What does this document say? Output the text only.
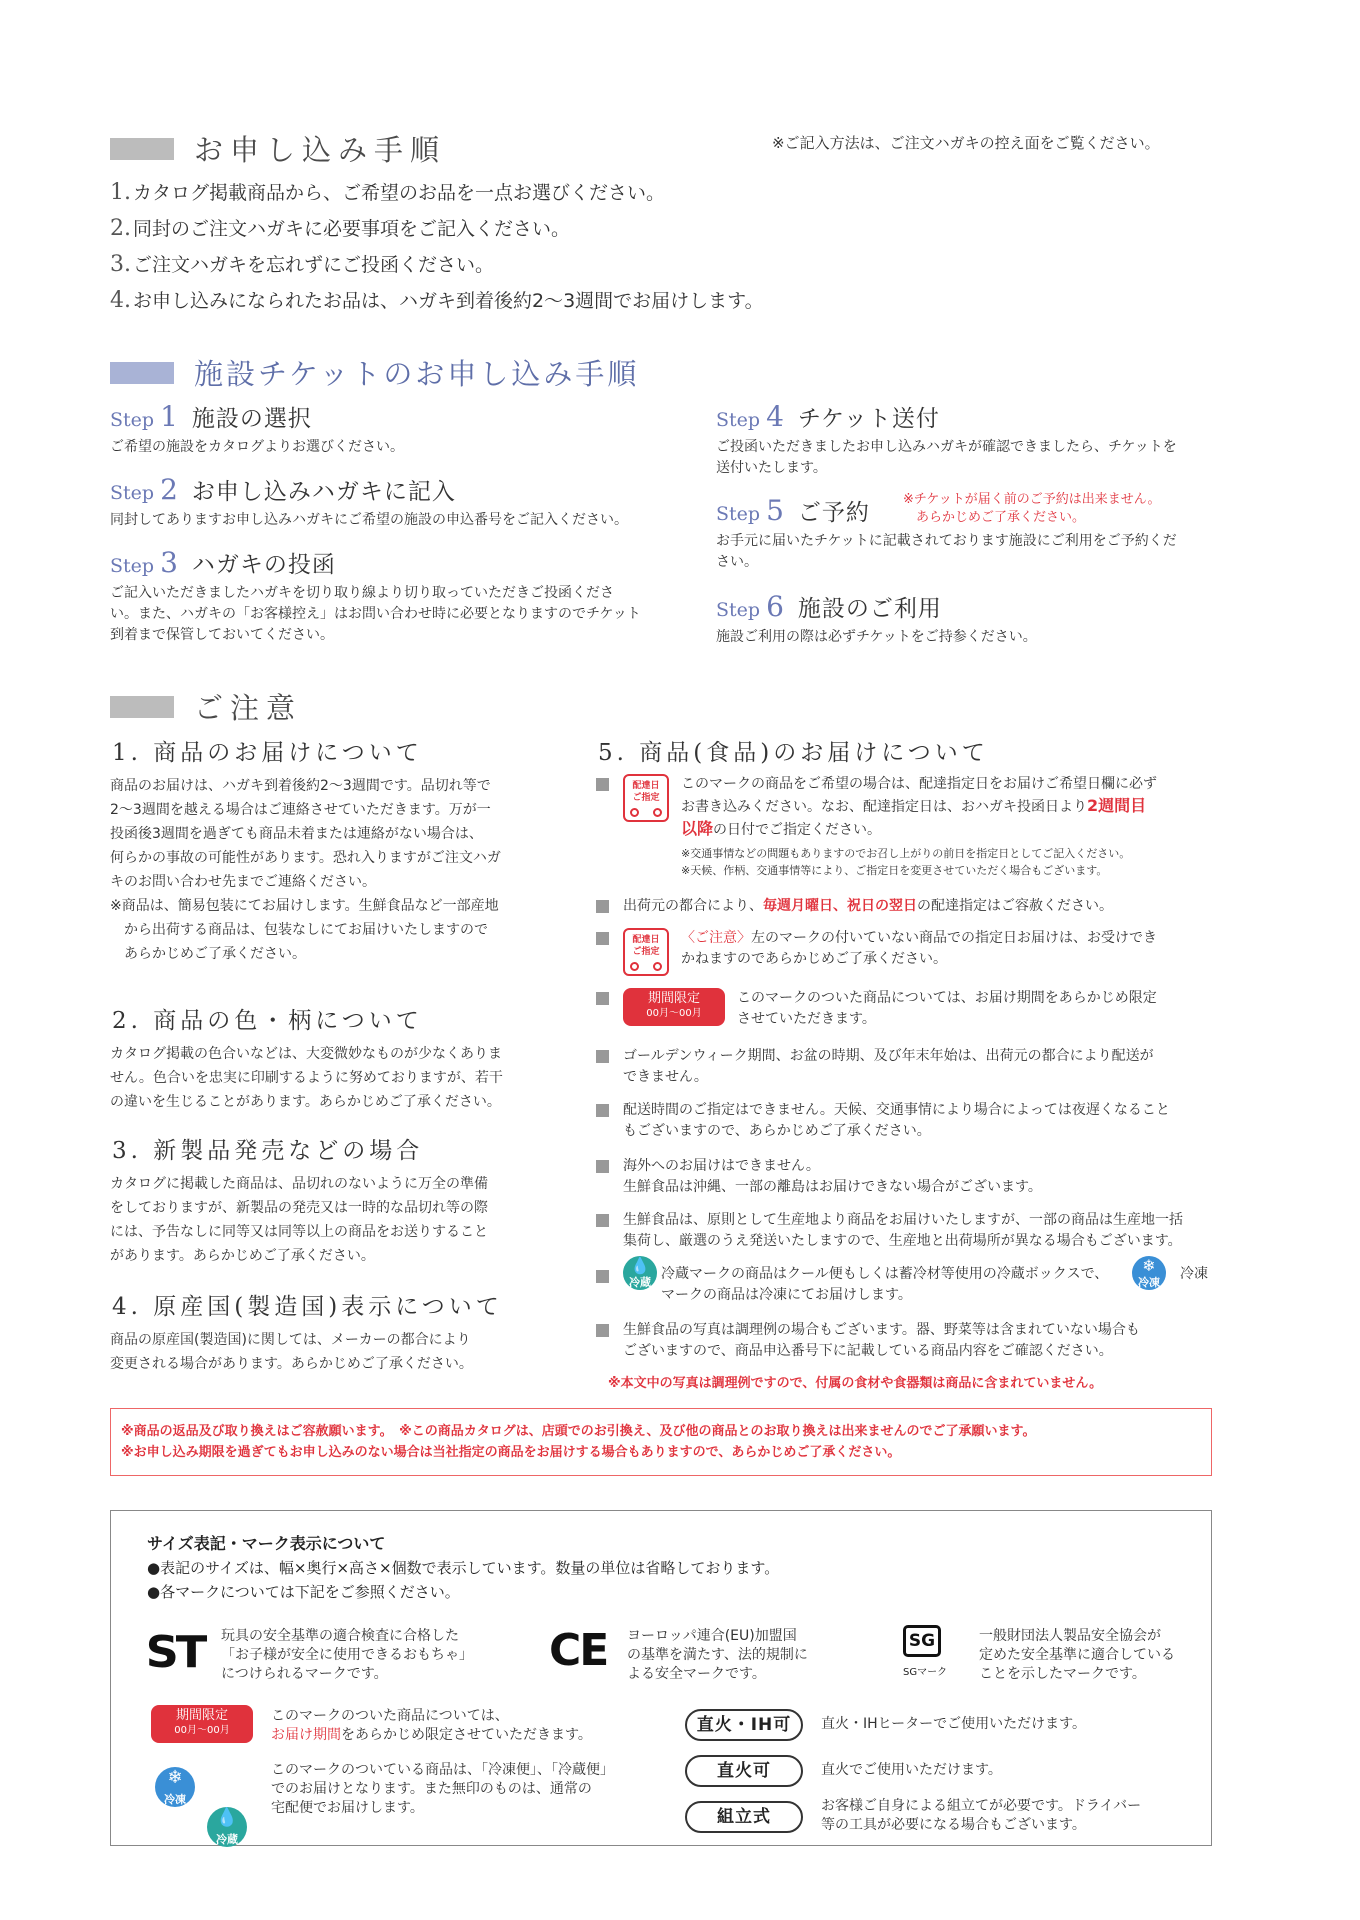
お申し込み手順	※ご記入方法は、ご注文ハガキの控え面をご覧ください。
1. カタログ掲載商品から、ご希望のお品を一点お選びください。
2. 同封のご注文ハガキに必要事項をご記入ください。
3. ご注文ハガキを忘れずにご投函ください。
4. お申し込みになられたお品は、ハガキ到着後約2〜3週間でお届けします。
施設チケットのお申し込み手順
Step 1 施設の選択
ご希望の施設をカタログよりお選びください。
Step 2 お申し込みハガキに記入
同封してありますお申し込みハガキにご希望の施設の申込番号をご記入ください。
Step 3 ハガキの投函
ご記入いただきましたハガキを切り取り線より切り取っていただきご投函くださ
い。また、ハガキの「お客様控え」はお問い合わせ時に必要となりますのでチケット
到着まで保管しておいてください。
Step 4 チケット送付
ご投函いただきましたお申し込みハガキが確認できましたら、チケットを
送付いたします。
Step 5 ご予約
お手元に届いたチケットに記載されております施設にご利用をご予約くだ
さい。
※チケットが届く前のご予約は出来ません。
　あらかじめご了承ください。
Step 6 施設のご利用
施設ご利用の際は必ずチケットをご持参ください。
ご注意
1. 商品のお届けについて
商品のお届けは、ハガキ到着後約2〜3週間です。品切れ等で
2〜3週間を越える場合はご連絡させていただきます。万が一
投函後3週間を過ぎても商品未着または連絡がない場合は、
何らかの事故の可能性があります。恐れ入りますがご注文ハガ
キのお問い合わせ先までご連絡ください。
※商品は、簡易包装にてお届けします。生鮮食品など一部産地
　から出荷する商品は、包装なしにてお届けいたしますので
　あらかじめご了承ください。
2. 商品の色・柄について
カタログ掲載の色合いなどは、大変微妙なものが少なくありま
せん。色合いを忠実に印刷するように努めておりますが、若干
の違いを生じることがあります。あらかじめご了承ください。
3. 新製品発売などの場合
カタログに掲載した商品は、品切れのないように万全の準備
をしておりますが、新製品の発売又は一時的な品切れ等の際
には、予告なしに同等又は同等以上の商品をお送りすること
があります。あらかじめご了承ください。
4. 原産国(製造国)表示について
商品の原産国(製造国)に関しては、メーカーの都合により
変更される場合があります。あらかじめご了承ください。
5. 商品(食品)のお届けについて
配達日
ご指定
このマークの商品をご希望の場合は、配達指定日をお届けご希望日欄に必ず
お書き込みください。なお、配達指定日は、おハガキ投函日より2週間目
以降の日付でご指定ください。
※交通事情などの問題もありますのでお召し上がりの前日を指定日としてご記入ください。
※天候、作柄、交通事情等により、ご指定日を変更させていただく場合もございます。
出荷元の都合により、毎週月曜日、祝日の翌日の配達指定はご容赦ください。
配達日
ご指定
〈ご注意〉左のマークの付いていない商品での指定日お届けは、お受けでき
かねますのであらかじめご了承ください。
期間限定
00月〜00月
このマークのついた商品については、お届け期間をあらかじめ限定
させていただきます。
ゴールデンウィーク期間、お盆の時期、及び年末年始は、出荷元の都合により配送が
できません。
配送時間のご指定はできません。天候、交通事情により場合によっては夜遅くなること
もございますので、あらかじめご了承ください。
海外へのお届けはできません。
生鮮食品は沖縄、一部の離島はお届けできない場合がございます。
生鮮食品は、原則として生産地より商品をお届けいたしますが、一部の商品は生産地一括
集荷し、厳選のうえ発送いたしますので、生産地と出荷場所が異なる場合もございます。
💧
冷蔵
冷蔵マークの商品はクール便もしくは蓄冷材等使用の冷蔵ボックスで、
マークの商品は冷凍にてお届けします。
❄
冷凍
冷凍
生鮮食品の写真は調理例の場合もございます。器、野菜等は含まれていない場合も
ございますので、商品申込番号下に記載している商品内容をご確認ください。
※本文中の写真は調理例ですので、付属の食材や食器類は商品に含まれていません。
※商品の返品及び取り換えはご容赦願います。　※この商品カタログは、店頭でのお引換え、及び他の商品とのお取り換えは出来ませんのでご了承願います。
※お申し込み期限を過ぎてもお申し込みのない場合は当社指定の商品をお届けする場合もありますので、あらかじめご了承ください。
サイズ表記・マーク表示について
●表記のサイズは、幅×奥行×高さ×個数で表示しています。数量の単位は省略しております。
●各マークについては下記をご参照ください。
ST 玩具の安全基準の適合検査に合格した
「お子様が安全に使用できるおもちゃ」
につけられるマークです。	CE ヨーロッパ連合(EU)加盟国
の基準を満たす、法的規制に
よる安全マークです。
SG
SGマーク
一般財団法人製品安全協会が
定めた安全基準に適合している
ことを示したマークです。
期間限定
00月〜00月
このマークのついた商品については、
お届け期間をあらかじめ限定させていただきます。
❄
冷凍
💧
冷蔵
このマークのついている商品は、「冷凍便」、「冷蔵便」
でのお届けとなります。また無印のものは、通常の
宅配便でお届けします。
直火・IH可	直火・IHヒーターでご使用いただけます。
直火可	直火でご使用いただけます。
組立式
お客様ご自身による組立てが必要です。ドライバー
等の工具が必要になる場合もございます。
